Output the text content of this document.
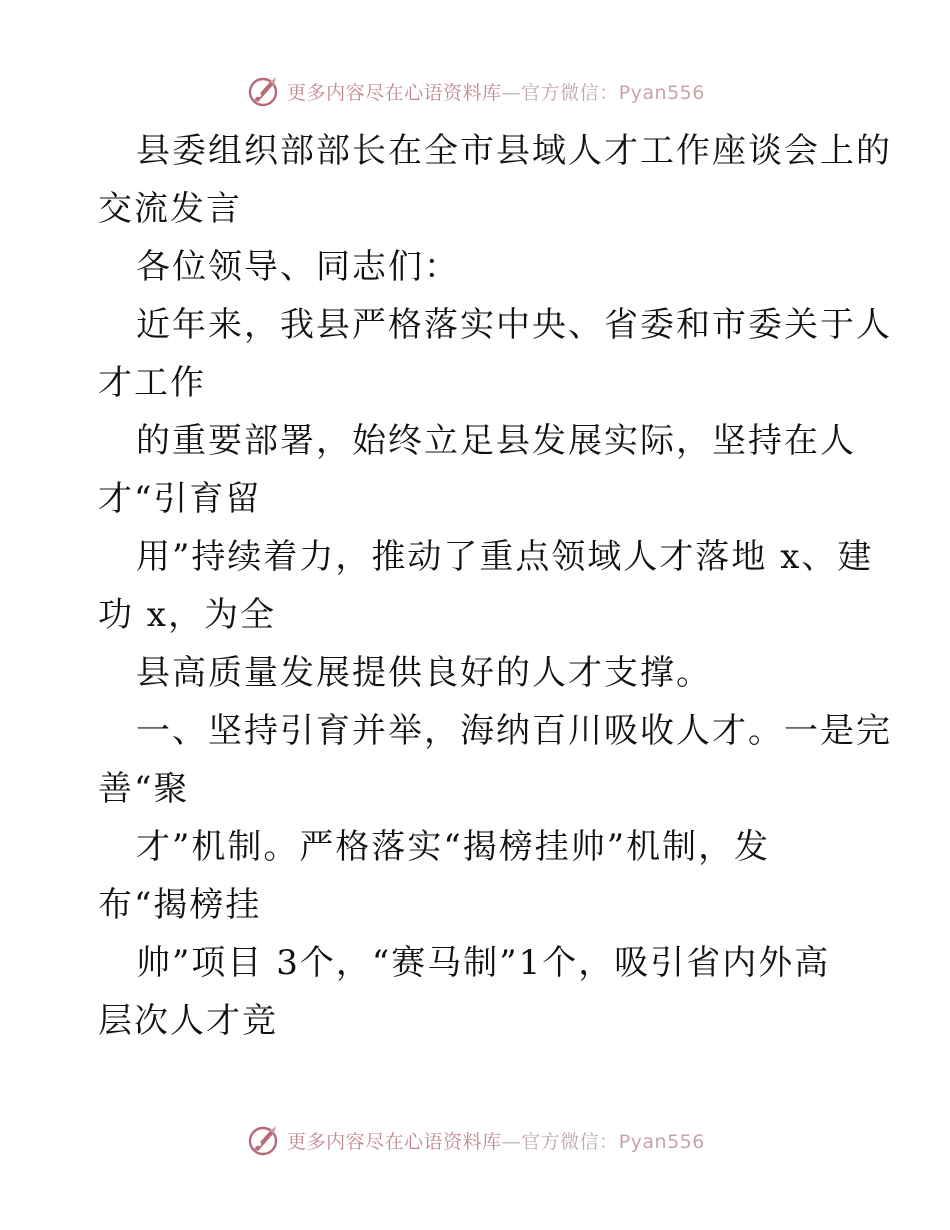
更多内容尽在心语资料库—官方微信：Pyan556
县委组织部部长在全市县域人才工作座谈会上的
交流发言
各位领导、同志们：
近年来，我县严格落实中央、省委和市委关于人
才工作
的重要部署，始终立足县发展实际，坚持在人
才“引育留
用”持续着力，推动了重点领域人才落地 x、建
功 x，为全
县高质量发展提供良好的人才支撑。
一、坚持引育并举，海纳百川吸收人才。一是完
善“聚
才”机制。严格落实“揭榜挂帅”机制，发
布“揭榜挂
帅”项目 3个，“赛马制”1个，吸引省内外高
层次人才竞
更多内容尽在心语资料库—官方微信：Pyan556
